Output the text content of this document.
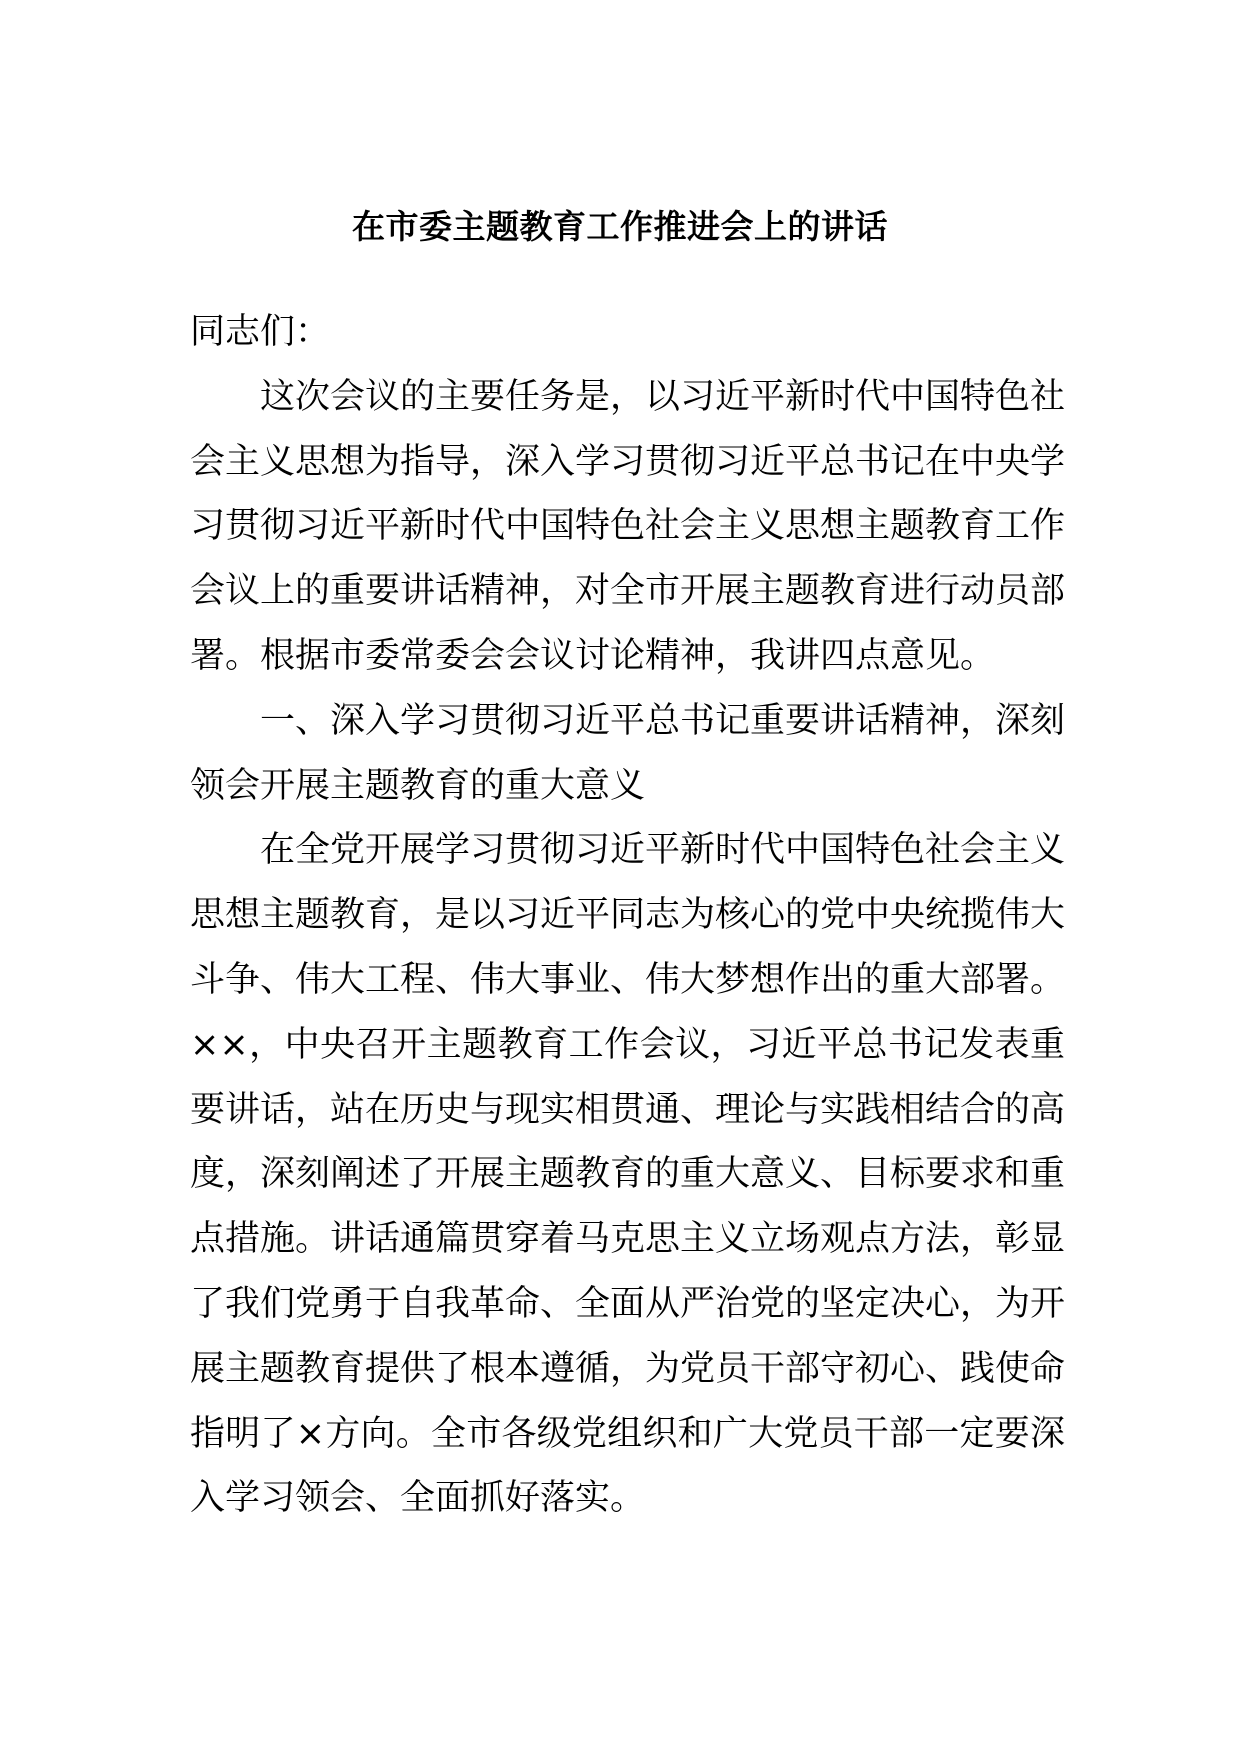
在市委主题教育工作推进会上的讲话

同志们：

这次会议的主要任务是，以习近平新时代中国特色社会主义思想为指导，深入学习贯彻习近平总书记在中央学习贯彻习近平新时代中国特色社会主义思想主题教育工作会议上的重要讲话精神，对全市开展主题教育进行动员部署。根据市委常委会会议讨论精神，我讲四点意见。

一、深入学习贯彻习近平总书记重要讲话精神，深刻领会开展主题教育的重大意义

在全党开展学习贯彻习近平新时代中国特色社会主义思想主题教育，是以习近平同志为核心的党中央统揽伟大斗争、伟大工程、伟大事业、伟大梦想作出的重大部署。××，中央召开主题教育工作会议，习近平总书记发表重要讲话，站在历史与现实相贯通、理论与实践相结合的高度，深刻阐述了开展主题教育的重大意义、目标要求和重点措施。讲话通篇贯穿着马克思主义立场观点方法，彰显了我们党勇于自我革命、全面从严治党的坚定决心，为开展主题教育提供了根本遵循，为党员干部守初心、践使命指明了×方向。全市各级党组织和广大党员干部一定要深入学习领会、全面抓好落实。
